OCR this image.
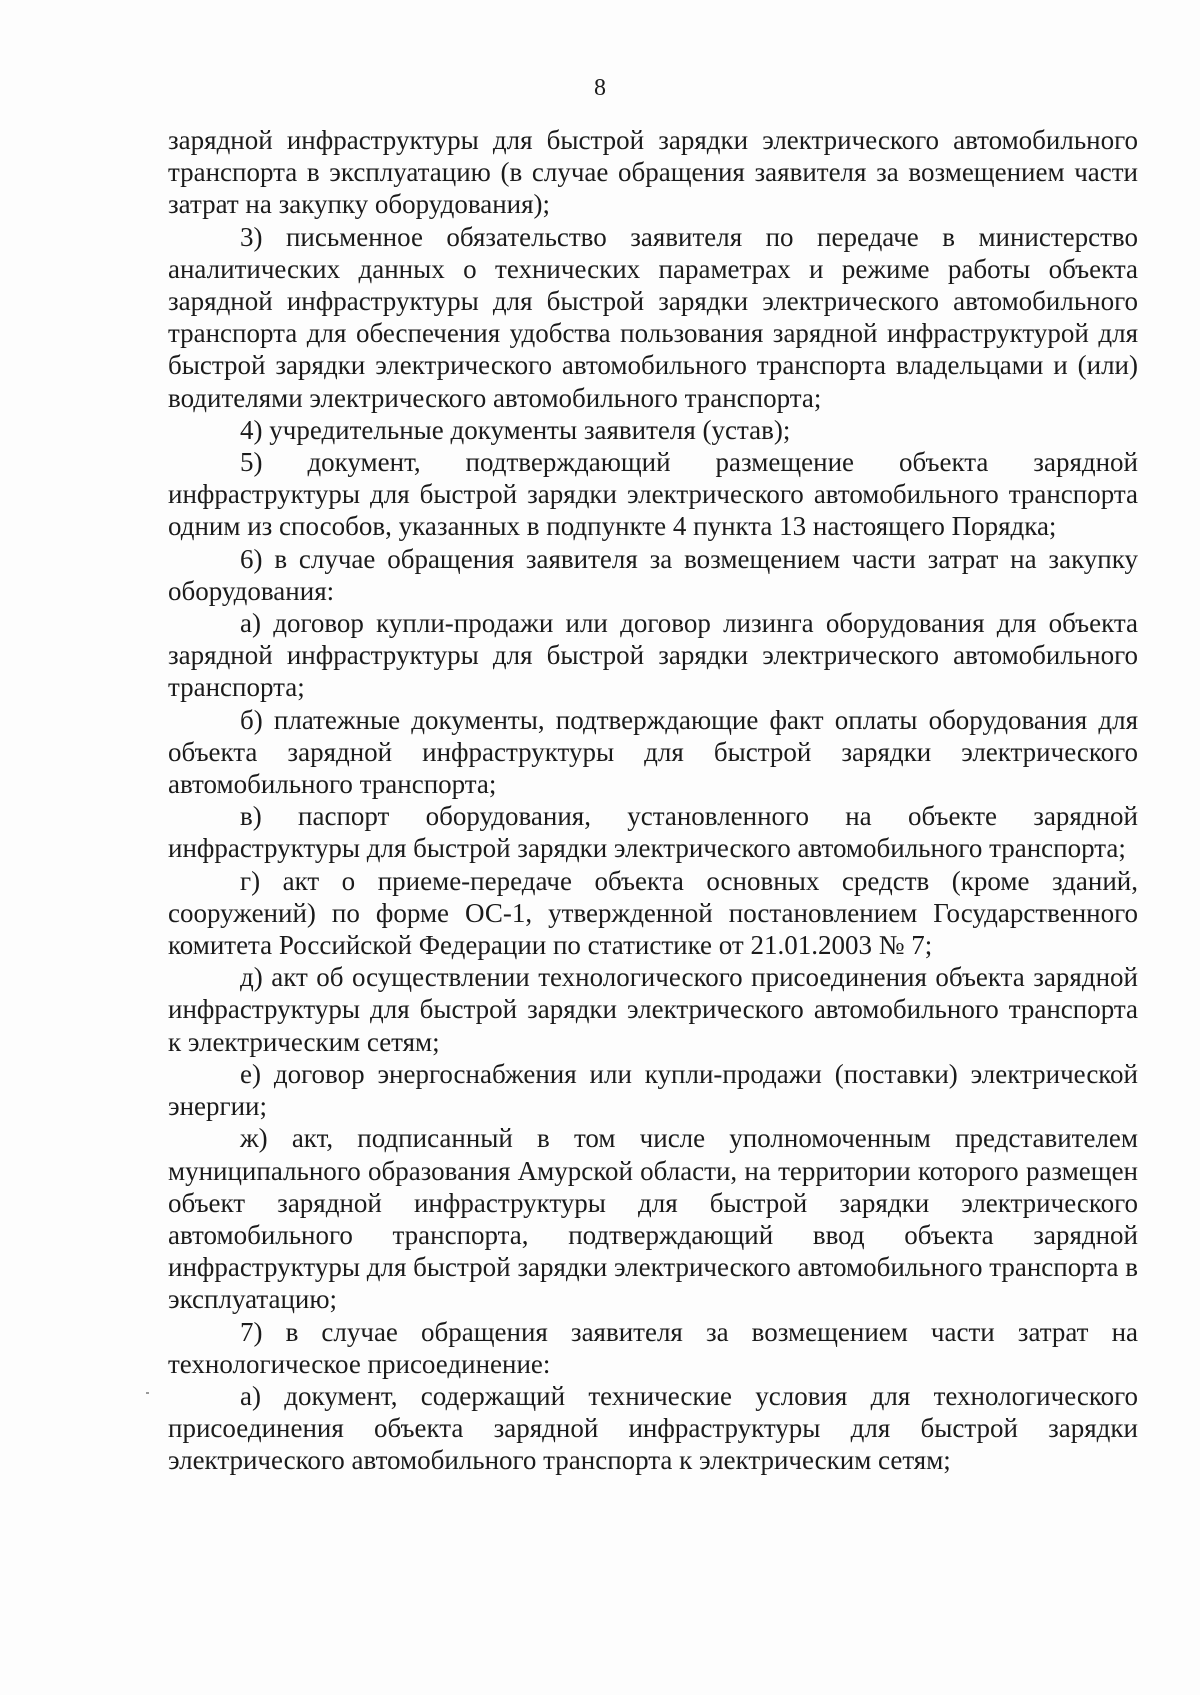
8

зарядной инфраструктуры для быстрой зарядки электрического автомобильного транспорта в эксплуатацию (в случае обращения заявителя за возмещением части затрат на закупку оборудования);

3) письменное обязательство заявителя по передаче в министерство аналитических данных о технических параметрах и режиме работы объекта зарядной инфраструктуры для быстрой зарядки электрического автомобильного транспорта для обеспечения удобства пользования зарядной инфраструктурой для быстрой зарядки электрического автомобильного транспорта владельцами и (или) водителями электрического автомобильного транспорта;

4) учредительные документы заявителя (устав);

5) документ, подтверждающий размещение объекта зарядной инфраструктуры для быстрой зарядки электрического автомобильного транспорта одним из способов, указанных в подпункте 4 пункта 13 настоящего Порядка;

6) в случае обращения заявителя за возмещением части затрат на закупку оборудования:

а) договор купли-продажи или договор лизинга оборудования для объекта зарядной инфраструктуры для быстрой зарядки электрического автомобильного транспорта;

б) платежные документы, подтверждающие факт оплаты оборудования для объекта зарядной инфраструктуры для быстрой зарядки электрического автомобильного транспорта;

в) паспорт оборудования, установленного на объекте зарядной инфраструктуры для быстрой зарядки электрического автомобильного транспорта;

г) акт о приеме-передаче объекта основных средств (кроме зданий, сооружений) по форме ОС-1, утвержденной постановлением Государственного комитета Российской Федерации по статистике от 21.01.2003 № 7;

д) акт об осуществлении технологического присоединения объекта зарядной инфраструктуры для быстрой зарядки электрического автомобильного транспорта к электрическим сетям;

е) договор энергоснабжения или купли-продажи (поставки) электрической энергии;

ж) акт, подписанный в том числе уполномоченным представителем муниципального образования Амурской области, на территории которого размещен объект зарядной инфраструктуры для быстрой зарядки электрического автомобильного транспорта, подтверждающий ввод объекта зарядной инфраструктуры для быстрой зарядки электрического автомобильного транспорта в эксплуатацию;

7) в случае обращения заявителя за возмещением части затрат на технологическое присоединение:

а) документ, содержащий технические условия для технологического присоединения объекта зарядной инфраструктуры для быстрой зарядки электрического автомобильного транспорта к электрическим сетям;
